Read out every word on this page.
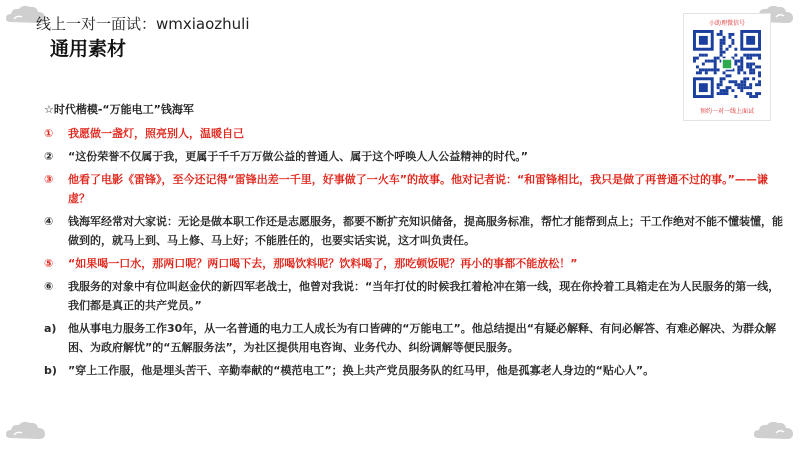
线上一对一面试：wmxiaozhuli
通用素材
小助理微信号
预约一对一线上面试
☆时代楷模-“万能电工”钱海军
①	我愿做一盏灯，照亮别人，温暖自己
②	“这份荣誉不仅属于我，更属于千千万万做公益的普通人、属于这个呼唤人人公益精神的时代。”
③	他看了电影《雷锋》，至今还记得“雷锋出差一千里，好事做了一火车”的故事。他对记者说：“和雷锋相比，我只是做了再普通不过的事。”——谦虚？
④	钱海军经常对大家说：无论是做本职工作还是志愿服务，都要不断扩充知识储备，提高服务标准，帮忙才能帮到点上；干工作绝对不能不懂装懂，能做到的，就马上到、马上修、马上好；不能胜任的，也要实话实说，这才叫负责任。
⑤	“如果喝一口水，那两口呢？两口喝下去，那喝饮料呢？饮料喝了，那吃顿饭呢？再小的事都不能放松！”
⑥	我服务的对象中有位叫赵金伏的新四军老战士，他曾对我说：“当年打仗的时候我扛着枪冲在第一线，现在你拎着工具箱走在为人民服务的第一线，我们都是真正的共产党员。”
a)	他从事电力服务工作30年，从一名普通的电力工人成长为有口皆碑的“万能电工”。他总结提出“有疑必解释、有问必解答、有难必解决、为群众解困、为政府解忧”的“五解服务法”，为社区提供用电咨询、业务代办、纠纷调解等便民服务。
b)	”穿上工作服，他是埋头苦干、辛勤奉献的“模范电工”；换上共产党员服务队的红马甲，他是孤寡老人身边的“贴心人”。
